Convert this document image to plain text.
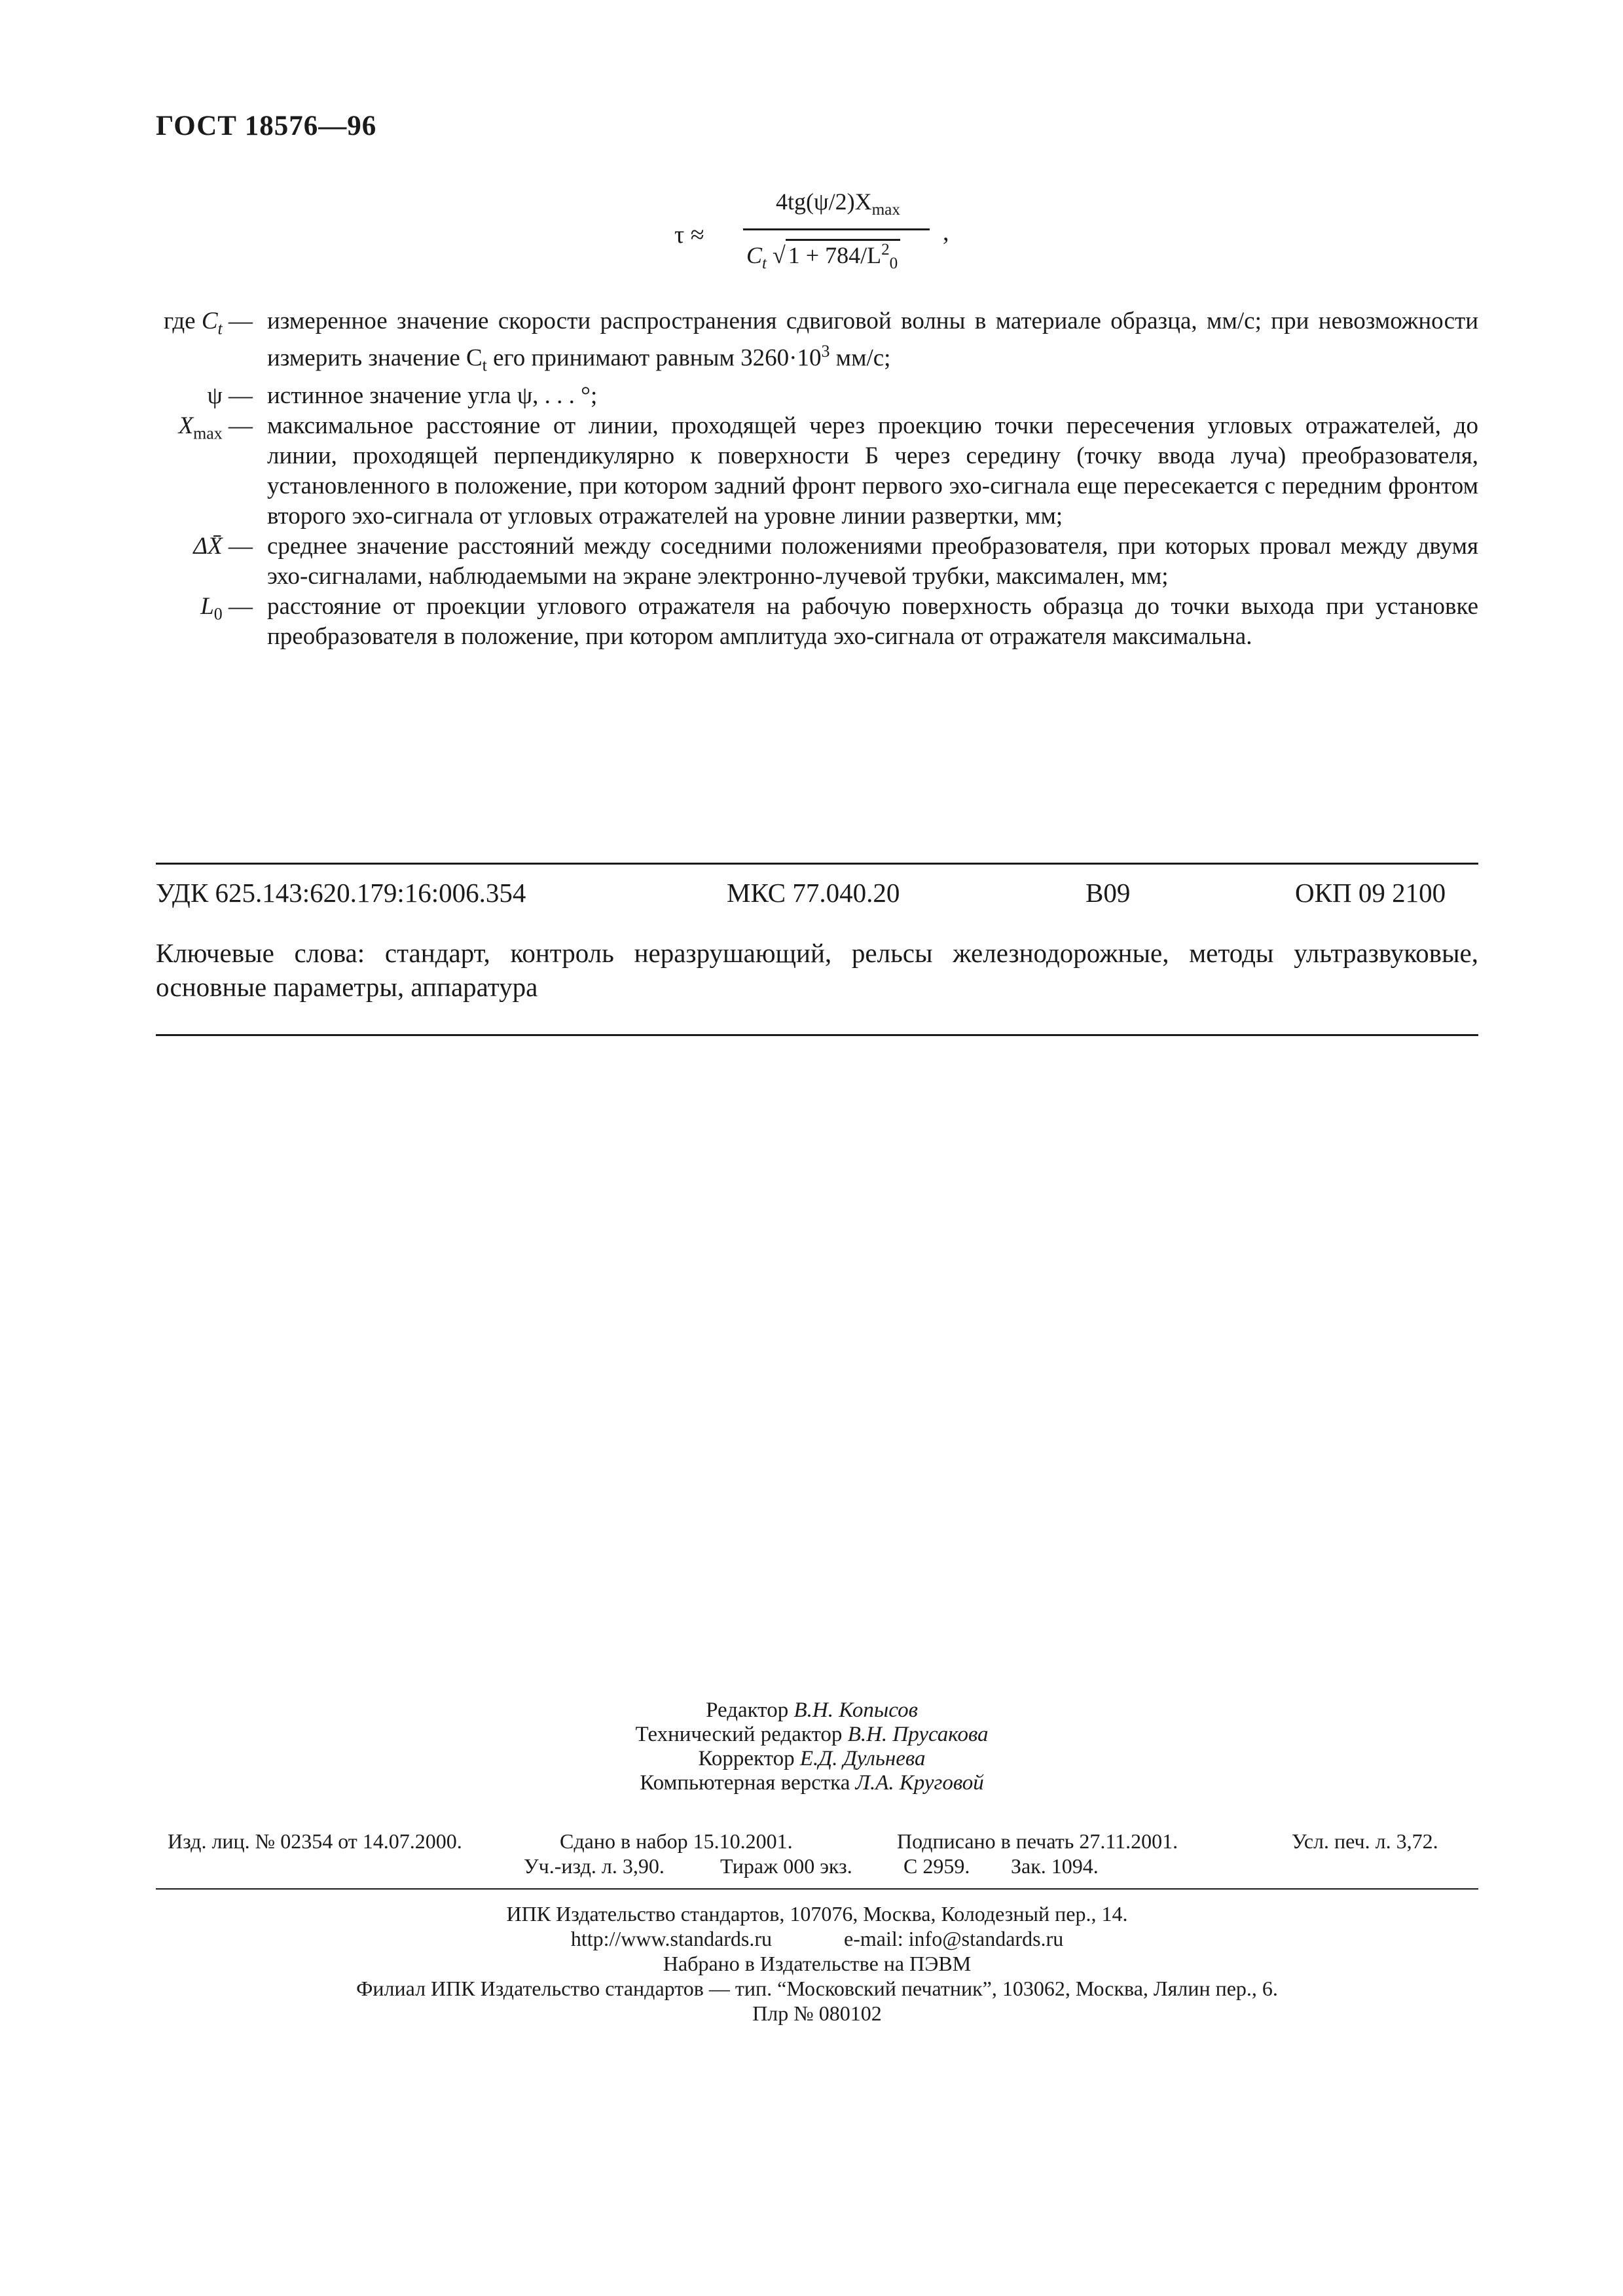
ГОСТ 18576—96
τ ≈
$4tg(\psi/2)X_{max}$
$C_t$ √ $1 + 784/L^2_0$
,
где $C_t$ — измеренное значение скорости распространения сдвиговой волны в материале образца, мм/с; при невозможности измерить значение $C_t$ его принимают равным $3260\cdot 10^3$ мм/с;
ψ — истинное значение угла ψ, . . . °;
$X_{max}$ — максимальное расстояние от линии, проходящей через проекцию точки пересечения угловых отражателей, до линии, проходящей перпендикулярно к поверхности Б через середину (точку ввода луча) преобразователя, установленного в положение, при котором задний фронт первого эхо-сигнала еще пересекается с передним фронтом второго эхо-сигнала от угловых отражателей на уровне линии развертки, мм;
ΔX̄ — среднее значение расстояний между соседними положениями преобразователя, при которых провал между двумя эхо-сигналами, наблюдаемыми на экране электронно-лучевой трубки, максимален, мм;
$L_0$ — расстояние от проекции углового отражателя на рабочую поверхность образца до точки выхода при установке преобразователя в положение, при котором амплитуда эхо-сигнала от отражателя максимальна.
УДК 625.143:620.179:16:006.354	МКС 77.040.20	В09	ОКП 09 2100
Ключевые слова: стандарт, контроль неразрушающий, рельсы железнодорожные, методы ультразвуковые, основные параметры, аппаратура
Редактор В.Н. Копысов
Технический редактор В.Н. Прусакова
Корректор Е.Д. Дульнева
Компьютерная верстка Л.А. Круговой
Изд. лиц. № 02354 от 14.07.2000.	Сдано в набор 15.10.2001.	Подписано в печать 27.11.2001.	Усл. печ. л. 3,72.
Уч.-изд. л. 3,90.	Тираж 000 экз. С 2959. Зак. 1094.
ИПК Издательство стандартов, 107076, Москва, Колодезный пер., 14.
http://www.standards.ru	e-mail: info@standards.ru
Набрано в Издательстве на ПЭВМ
Филиал ИПК Издательство стандартов — тип. “Московский печатник”, 103062, Москва, Лялин пер., 6.
Плр № 080102
